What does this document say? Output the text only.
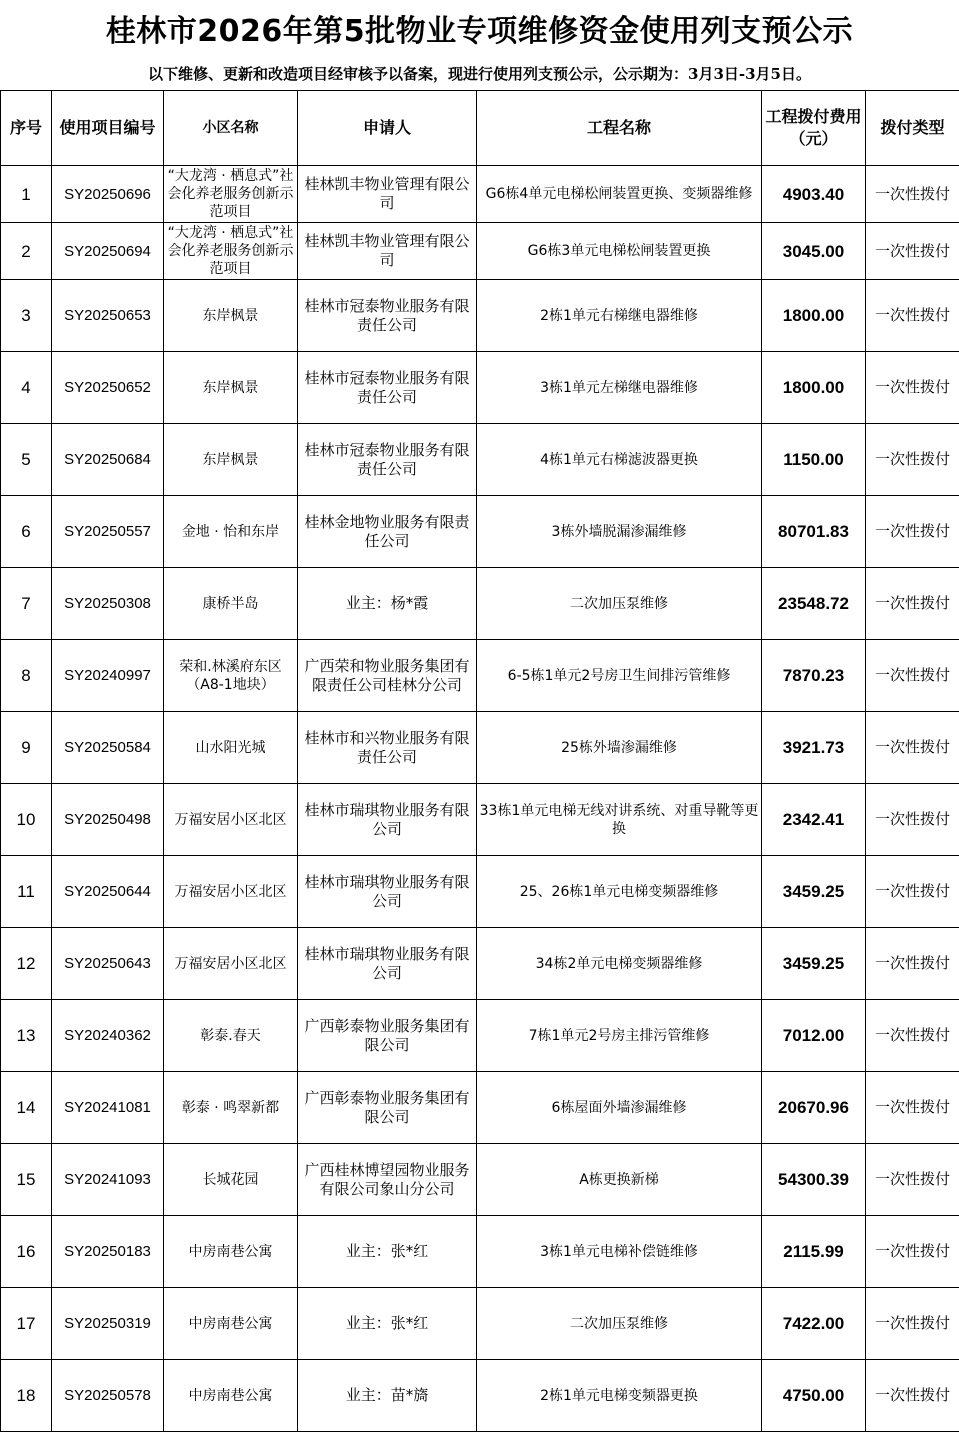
桂林市2026年第5批物业专项维修资金使用列支预公示
以下维修、更新和改造项目经审核予以备案，现进行使用列支预公示，公示期为：3月3日-3月5日。
序号	使用项目编号	小区名称	申请人	工程名称	工程拨付费用（元）	拨付类型
1	SY20250696	“大龙湾 · 栖息式”社会化养老服务创新示范项目	桂林凯丰物业管理有限公司	G6栋4单元电梯松闸装置更换、变频器维修	4903.40	一次性拨付
2	SY20250694	“大龙湾 · 栖息式”社会化养老服务创新示范项目	桂林凯丰物业管理有限公司	G6栋3单元电梯松闸装置更换	3045.00	一次性拨付
3	SY20250653	东岸枫景	桂林市冠泰物业服务有限责任公司	2栋1单元右梯继电器维修	1800.00	一次性拨付
4	SY20250652	东岸枫景	桂林市冠泰物业服务有限责任公司	3栋1单元左梯继电器维修	1800.00	一次性拨付
5	SY20250684	东岸枫景	桂林市冠泰物业服务有限责任公司	4栋1单元右梯滤波器更换	1150.00	一次性拨付
6	SY20250557	金地 · 怡和东岸	桂林金地物业服务有限责任公司	3栋外墙脱漏渗漏维修	80701.83	一次性拨付
7	SY20250308	康桥半岛	业主：杨*霞	二次加压泵维修	23548.72	一次性拨付
8	SY20240997	荣和.林溪府东区（A8-1地块）	广西荣和物业服务集团有限责任公司桂林分公司	6-5栋1单元2号房卫生间排污管维修	7870.23	一次性拨付
9	SY20250584	山水阳光城	桂林市和兴物业服务有限责任公司	25栋外墙渗漏维修	3921.73	一次性拨付
10	SY20250498	万福安居小区北区	桂林市瑞琪物业服务有限公司	33栋1单元电梯无线对讲系统、对重导靴等更换	2342.41	一次性拨付
11	SY20250644	万福安居小区北区	桂林市瑞琪物业服务有限公司	25、26栋1单元电梯变频器维修	3459.25	一次性拨付
12	SY20250643	万福安居小区北区	桂林市瑞琪物业服务有限公司	34栋2单元电梯变频器维修	3459.25	一次性拨付
13	SY20240362	彰泰.春天	广西彰泰物业服务集团有限公司	7栋1单元2号房主排污管维修	7012.00	一次性拨付
14	SY20241081	彰泰 · 鸣翠新都	广西彰泰物业服务集团有限公司	6栋屋面外墙渗漏维修	20670.96	一次性拨付
15	SY20241093	长城花园	广西桂林博望园物业服务有限公司象山分公司	A栋更换新梯	54300.39	一次性拨付
16	SY20250183	中房南巷公寓	业主：张*红	3栋1单元电梯补偿链维修	2115.99	一次性拨付
17	SY20250319	中房南巷公寓	业主：张*红	二次加压泵维修	7422.00	一次性拨付
18	SY20250578	中房南巷公寓	业主：苗*旖	2栋1单元电梯变频器更换	4750.00	一次性拨付
